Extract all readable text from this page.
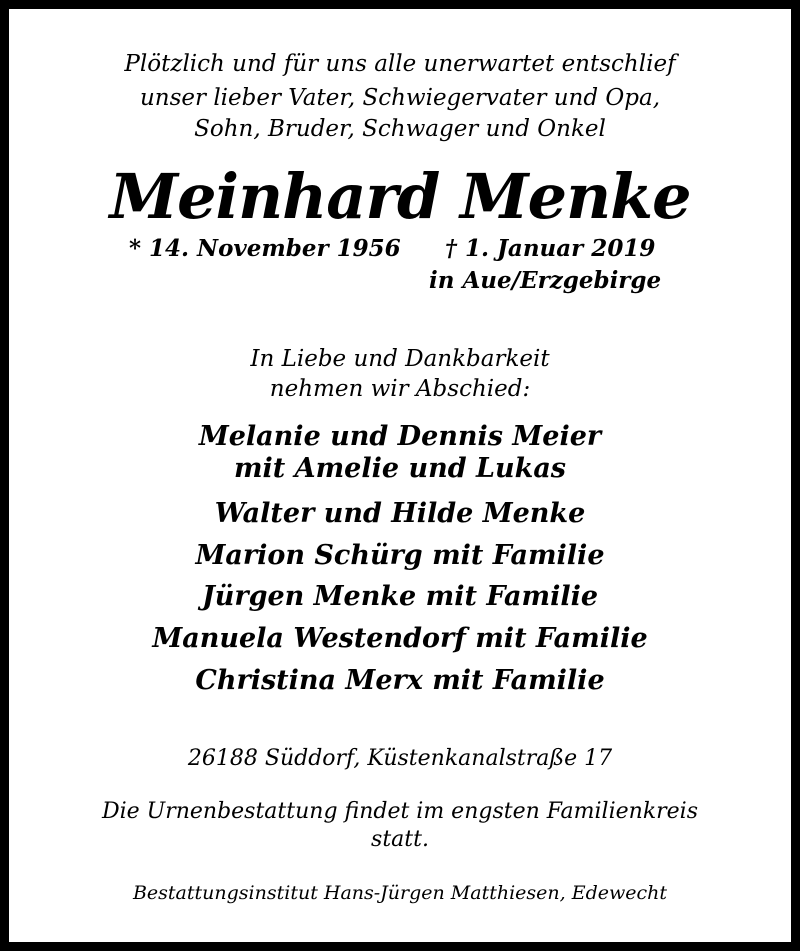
Plötzlich und für uns alle unerwartet entschlief
unser lieber Vater, Schwiegervater und Opa,
Sohn, Bruder, Schwager und Onkel
Meinhard Menke
* 14. November 1956 † 1. Januar 2019
in Aue/Erzgebirge
In Liebe und Dankbarkeit
nehmen wir Abschied:
Melanie und Dennis Meier
mit Amelie und Lukas
Walter und Hilde Menke
Marion Schürg mit Familie
Jürgen Menke mit Familie
Manuela Westendorf mit Familie
Christina Merx mit Familie
26188 Süddorf, Küstenkanalstraße 17
Die Urnenbestattung findet im engsten Familienkreis
statt.
Bestattungsinstitut Hans-Jürgen Matthiesen, Edewecht
